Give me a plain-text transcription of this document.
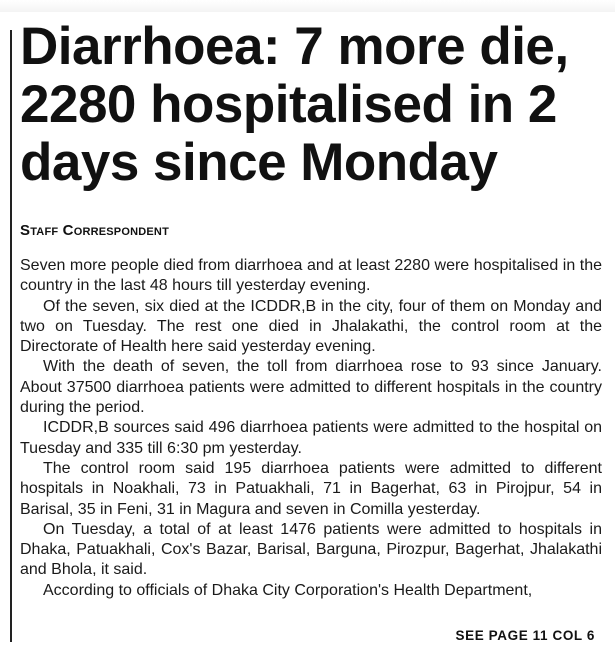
Diarrhoea: 7 more die,
2280 hospitalised in 2
days since Monday
Staff Correspondent

Seven more people died from diarrhoea and at least 2280 were hospitalised in the country in the last 48 hours till yesterday evening.

Of the seven, six died at the ICDDR,B in the city, four of them on Monday and two on Tuesday. The rest one died in Jhalakathi, the control room at the Directorate of Health here said yesterday evening.

With the death of seven, the toll from diarrhoea rose to 93 since January. About 37500 diarrhoea patients were admitted to different hospitals in the country during the period.

ICDDR,B sources said 496 diarrhoea patients were admitted to the hospital on Tuesday and 335 till 6:30 pm yesterday.

The control room said 195 diarrhoea patients were admitted to different hospitals in Noakhali, 73 in Patuakhali, 71 in Bagerhat, 63 in Pirojpur, 54 in Barisal, 35 in Feni, 31 in Magura and seven in Comilla yesterday.

On Tuesday, a total of at least 1476 patients were admitted to hospitals in Dhaka, Patuakhali, Cox's Bazar, Barisal, Barguna, Pirozpur, Bagerhat, Jhalakathi and Bhola, it said.

According to officials of Dhaka City Corporation's Health Department,

SEE PAGE 11 COL 6
